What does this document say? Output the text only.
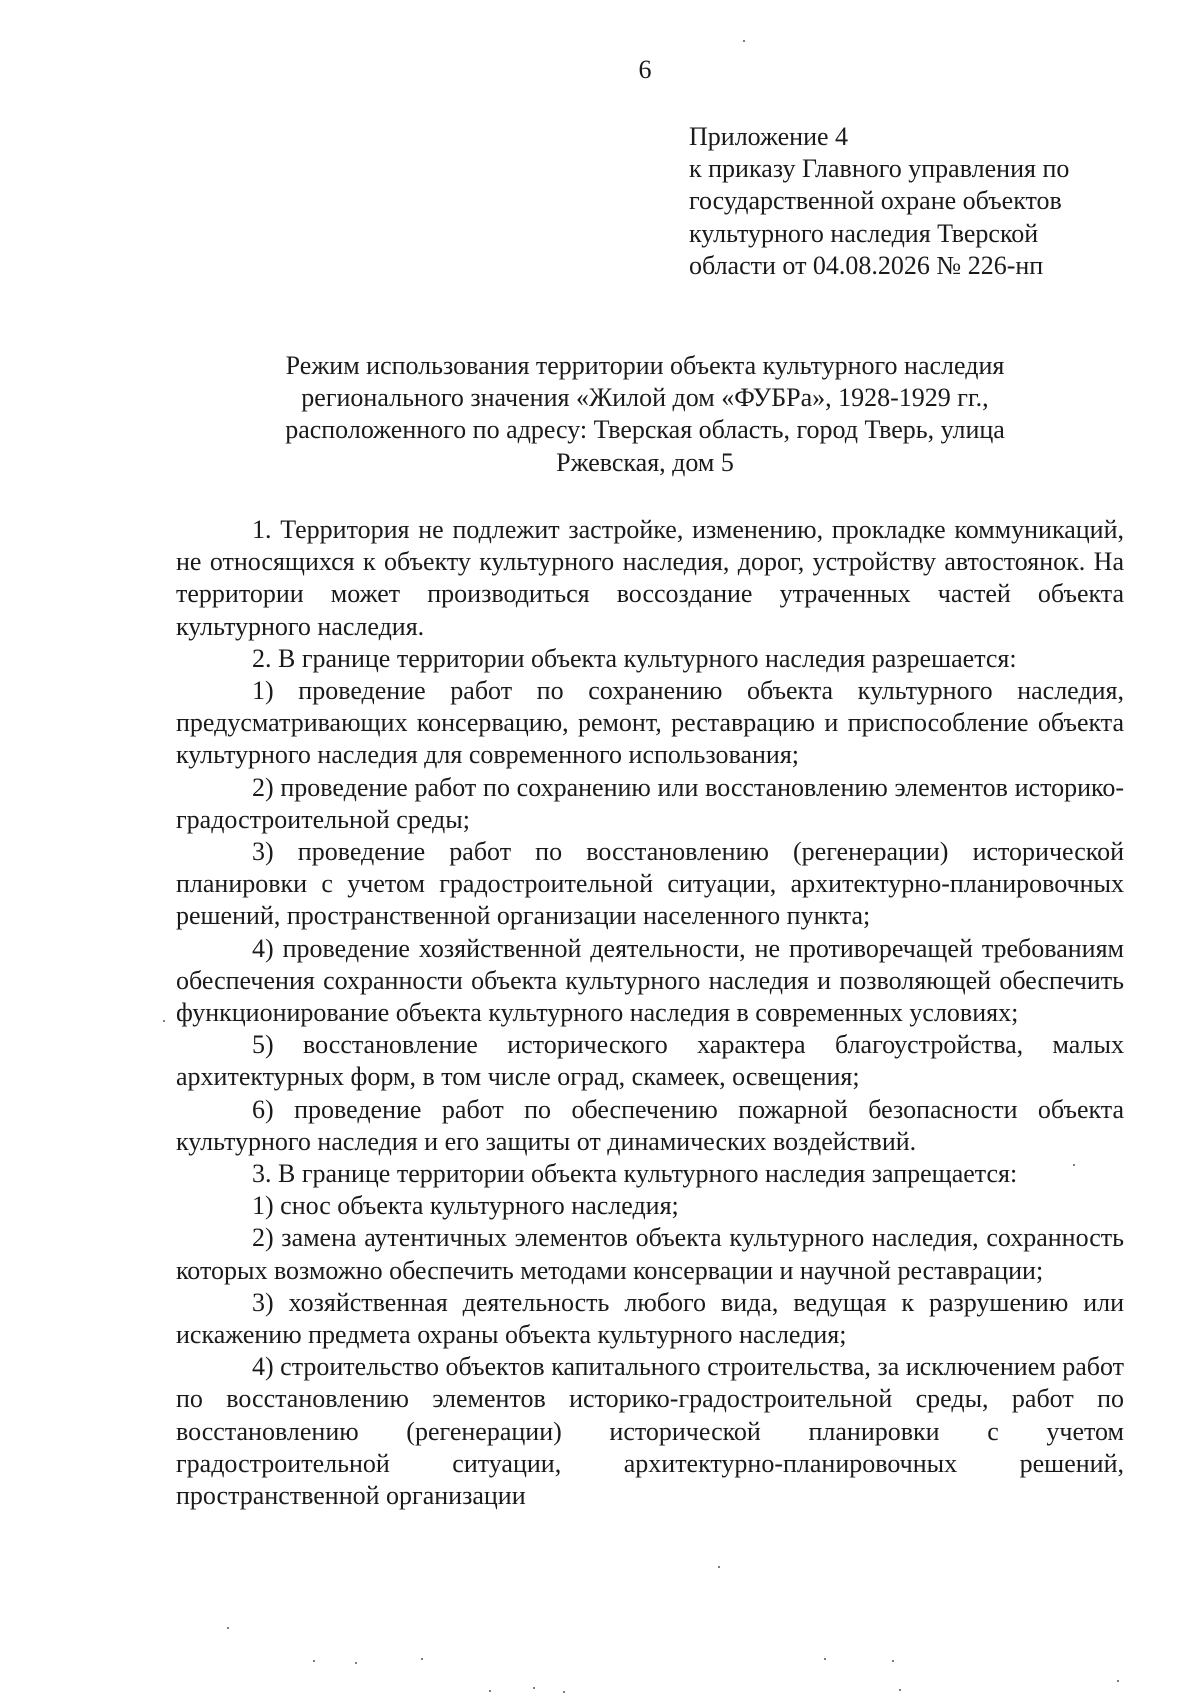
6
Приложение 4
к приказу Главного управления по
государственной охране объектов
культурного наследия Тверской
области от 04.08.2026 № 226-нп
Режим использования территории объекта культурного наследия
регионального значения «Жилой дом «ФУБРа», 1928-1929 гг.,
расположенного по адресу: Тверская область, город Тверь, улица
Ржевская, дом 5

1. Территория не подлежит застройке, изменению, прокладке коммуникаций, не относящихся к объекту культурного наследия, дорог, устройству автостоянок. На территории может производиться воссоздание утраченных частей объекта культурного наследия.

2. В границе территории объекта культурного наследия разрешается:

1) проведение работ по сохранению объекта культурного наследия, предусматривающих консервацию, ремонт, реставрацию и приспособление объекта культурного наследия для современного использования;

2) проведение работ по сохранению или восстановлению элементов историко-градостроительной среды;

3) проведение работ по восстановлению (регенерации) исторической планировки с учетом градостроительной ситуации, архитектурно-планировочных решений, пространственной организации населенного пункта;

4) проведение хозяйственной деятельности, не противоречащей требованиям обеспечения сохранности объекта культурного наследия и позволяющей обеспечить функционирование объекта культурного наследия в современных условиях;

5) восстановление исторического характера благоустройства, малых архитектурных форм, в том числе оград, скамеек, освещения;

6) проведение работ по обеспечению пожарной безопасности объекта культурного наследия и его защиты от динамических воздействий.

3. В границе территории объекта культурного наследия запрещается:

1) снос объекта культурного наследия;

2) замена аутентичных элементов объекта культурного наследия, сохранность которых возможно обеспечить методами консервации и научной реставрации;

3) хозяйственная деятельность любого вида, ведущая к разрушению или искажению предмета охраны объекта культурного наследия;

4) строительство объектов капитального строительства, за исключением работ по восстановлению элементов историко-градостроительной среды, работ по восстановлению (регенерации) исторической планировки с учетом градостроительной ситуации, архитектурно-планировочных решений, пространственной организации
